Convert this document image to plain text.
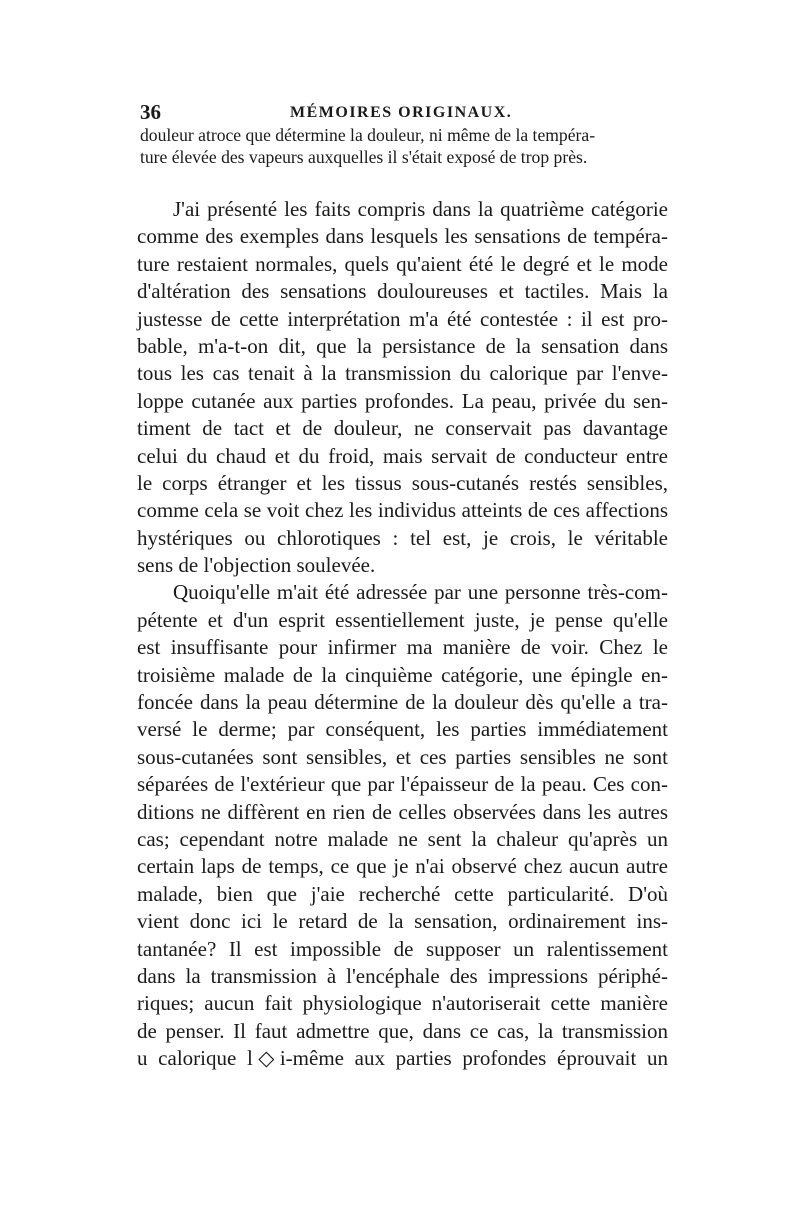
36	MÉMOIRES ORIGINAUX.
douleur atroce que détermine la douleur, ni même de la tempéra-
ture élevée des vapeurs auxquelles il s'était exposé de trop près.
J'ai présenté les faits compris dans la quatrième catégorie
comme des exemples dans lesquels les sensations de tempéra-
ture restaient normales, quels qu'aient été le degré et le mode
d'altération des sensations douloureuses et tactiles. Mais la
justesse de cette interprétation m'a été contestée : il est pro-
bable, m'a-t-on dit, que la persistance de la sensation dans
tous les cas tenait à la transmission du calorique par l'enve-
loppe cutanée aux parties profondes. La peau, privée du sen-
timent de tact et de douleur, ne conservait pas davantage
celui du chaud et du froid, mais servait de conducteur entre
le corps étranger et les tissus sous-cutanés restés sensibles,
comme cela se voit chez les individus atteints de ces affections
hystériques ou chlorotiques : tel est, je crois, le véritable
sens de l'objection soulevée.
Quoiqu'elle m'ait été adressée par une personne très-com-
pétente et d'un esprit essentiellement juste, je pense qu'elle
est insuffisante pour infirmer ma manière de voir. Chez le
troisième malade de la cinquième catégorie, une épingle en-
foncée dans la peau détermine de la douleur dès qu'elle a tra-
versé le derme; par conséquent, les parties immédiatement
sous-cutanées sont sensibles, et ces parties sensibles ne sont
séparées de l'extérieur que par l'épaisseur de la peau. Ces con-
ditions ne diffèrent en rien de celles observées dans les autres
cas; cependant notre malade ne sent la chaleur qu'après un
certain laps de temps, ce que je n'ai observé chez aucun autre
malade, bien que j'aie recherché cette particularité. D'où
vient donc ici le retard de la sensation, ordinairement ins-
tantanée? Il est impossible de supposer un ralentissement
dans la transmission à l'encéphale des impressions périphé-
riques; aucun fait physiologique n'autoriserait cette manière
de penser. Il faut admettre que, dans ce cas, la transmission
u calorique l◇i-même aux parties profondes éprouvait un
